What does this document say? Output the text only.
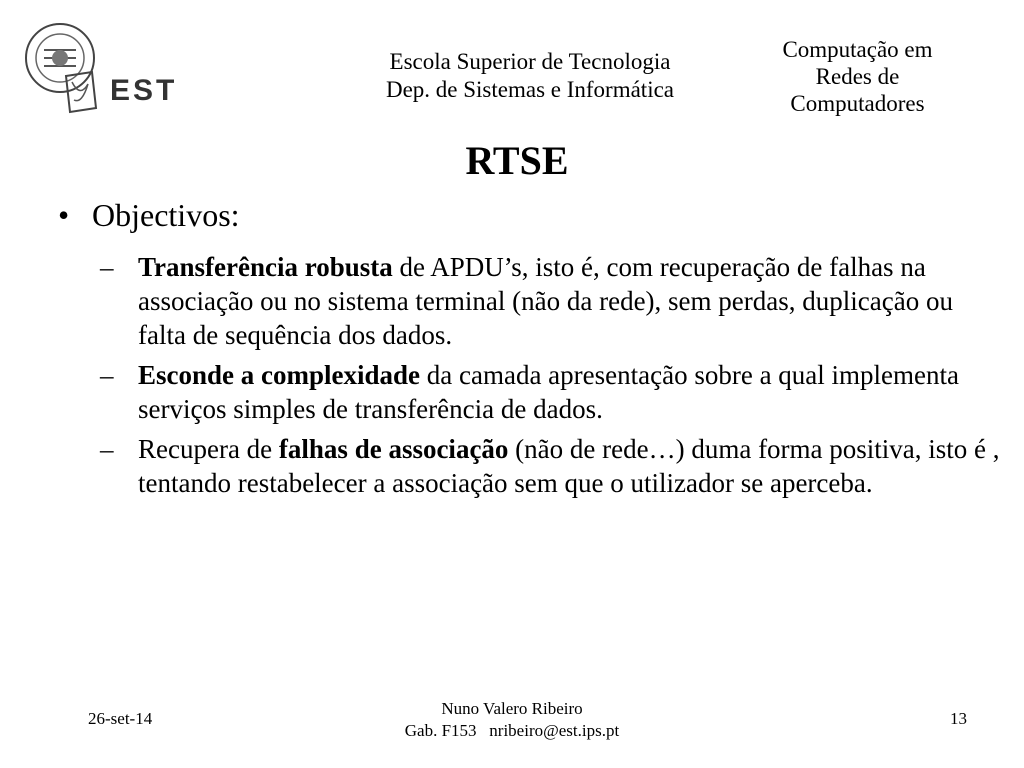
EST
Escola Superior de Tecnologia
Dep. de Sistemas e Informática
Computação em
Redes de
Computadores
RTSE
• Objectivos:
– Transferência robusta de APDU’s, isto é, com recuperação de falhas na associação ou no sistema terminal (não da rede), sem perdas, duplicação ou falta de sequência dos dados.
– Esconde a complexidade da camada apresentação sobre a qual implementa serviços simples de transferência de dados.
– Recupera de falhas de associação (não de rede…) duma forma positiva, isto é , tentando restabelecer a associação sem que o utilizador se aperceba.
26-set-14
Nuno Valero Ribeiro
Gab. F153   nribeiro@est.ips.pt
13
